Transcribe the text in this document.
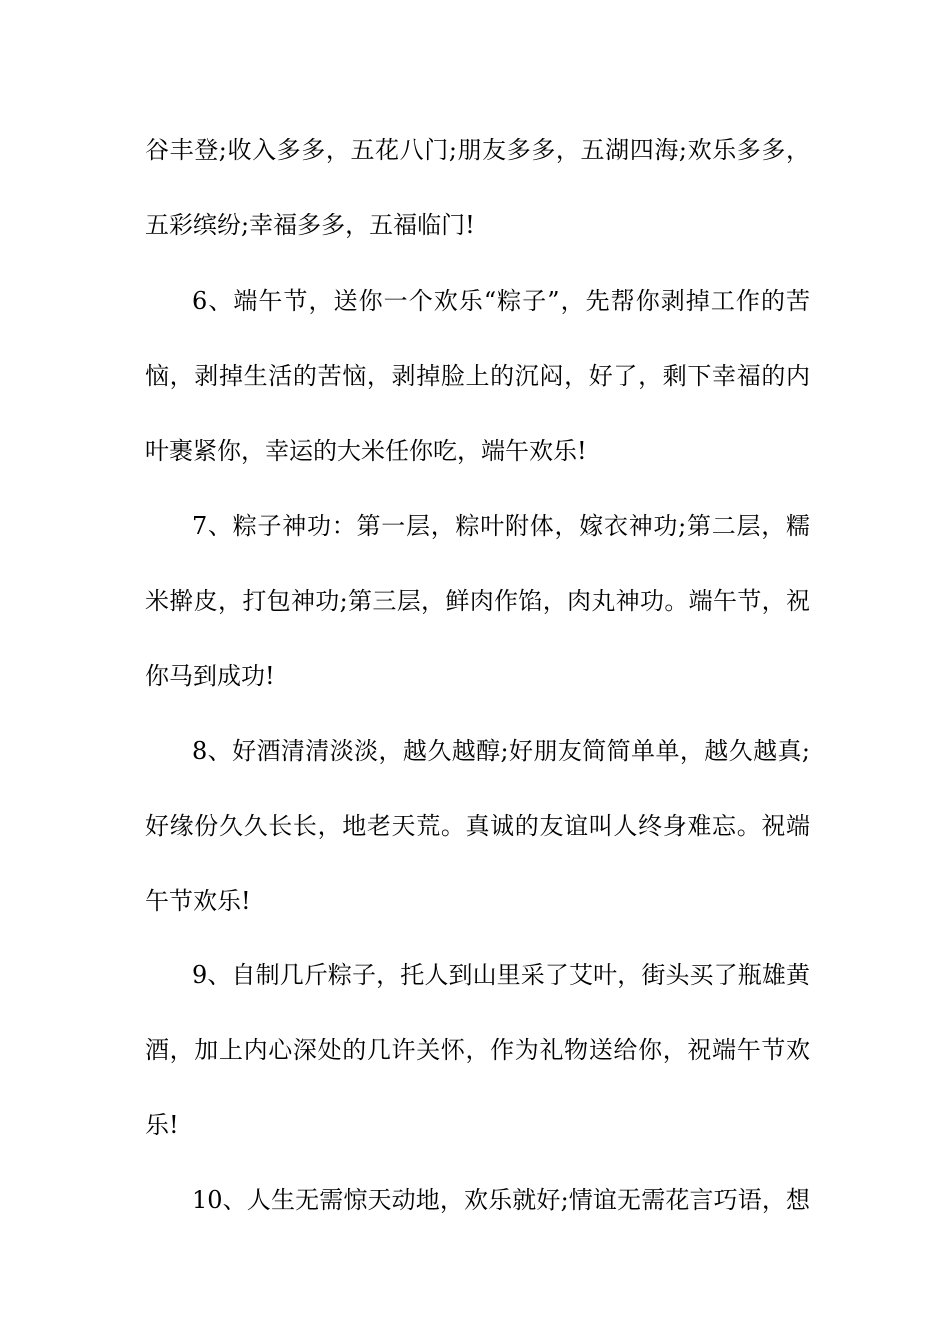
谷丰登;收入多多，五花八门;朋友多多，五湖四海;欢乐多多，
五彩缤纷;幸福多多，五福临门!
6、端午节，送你一个欢乐“粽子”，先帮你剥掉工作的苦
恼，剥掉生活的苦恼，剥掉脸上的沉闷，好了，剩下幸福的内
叶裹紧你，幸运的大米任你吃，端午欢乐!
7、粽子神功：第一层，粽叶附体，嫁衣神功;第二层，糯
米擀皮，打包神功;第三层，鲜肉作馅，肉丸神功。端午节，祝
你马到成功!
8、好酒清清淡淡，越久越醇;好朋友简简单单，越久越真;
好缘份久久长长，地老天荒。真诚的友谊叫人终身难忘。祝端
午节欢乐!
9、自制几斤粽子，托人到山里采了艾叶，街头买了瓶雄黄
酒，加上内心深处的几许关怀，作为礼物送给你，祝端午节欢
乐!
10、人生无需惊天动地，欢乐就好;情谊无需花言巧语，想
